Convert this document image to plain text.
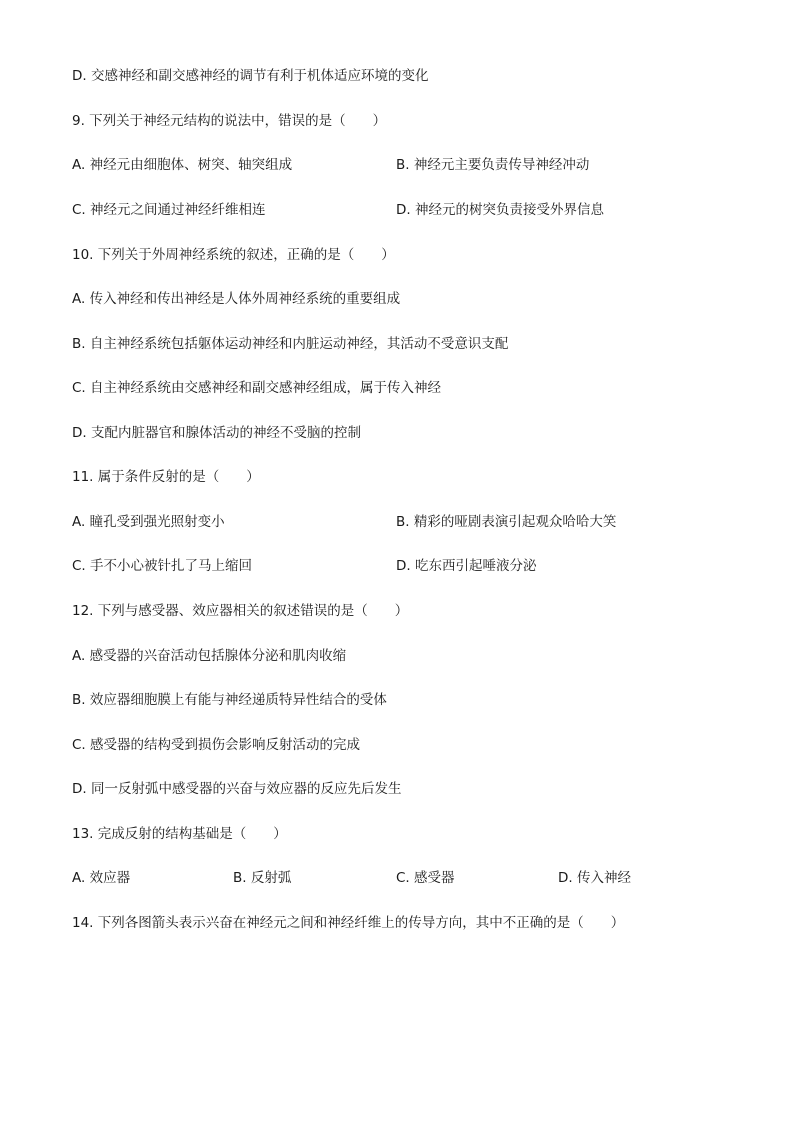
D. 交感神经和副交感神经的调节有利于机体适应环境的变化
9. 下列关于神经元结构的说法中，错误的是（　　）
A. 神经元由细胞体、树突、轴突组成	B. 神经元主要负责传导神经冲动
C. 神经元之间通过神经纤维相连	D. 神经元的树突负责接受外界信息
10. 下列关于外周神经系统的叙述，正确的是（　　）
A. 传入神经和传出神经是人体外周神经系统的重要组成
B. 自主神经系统包括躯体运动神经和内脏运动神经，其活动不受意识支配
C. 自主神经系统由交感神经和副交感神经组成，属于传入神经
D. 支配内脏器官和腺体活动的神经不受脑的控制
11. 属于条件反射的是（　　）
A. 瞳孔受到强光照射变小	B. 精彩的哑剧表演引起观众哈哈大笑
C. 手不小心被针扎了马上缩回	D. 吃东西引起唾液分泌
12. 下列与感受器、效应器相关的叙述错误的是（　　）
A. 感受器的兴奋活动包括腺体分泌和肌肉收缩
B. 效应器细胞膜上有能与神经递质特异性结合的受体
C. 感受器的结构受到损伤会影响反射活动的完成
D. 同一反射弧中感受器的兴奋与效应器的反应先后发生
13. 完成反射的结构基础是（　　）
A. 效应器	B. 反射弧	C. 感受器	D. 传入神经
14. 下列各图箭头表示兴奋在神经元之间和神经纤维上的传导方向，其中不正确的是（　　）
